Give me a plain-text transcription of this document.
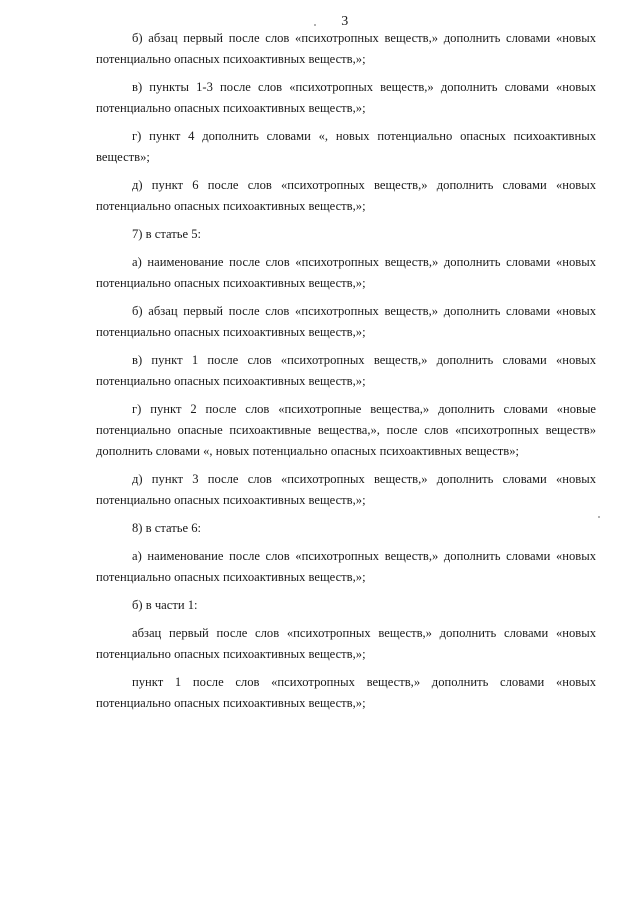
3

б) абзац первый после слов «психотропных веществ,» дополнить словами «новых потенциально опасных психоактивных веществ,»;

в) пункты 1-3 после слов «психотропных веществ,» дополнить словами «новых потенциально опасных психоактивных веществ,»;

г) пункт 4 дополнить словами «, новых потенциально опасных психоактивных веществ»;

д) пункт 6 после слов «психотропных веществ,» дополнить словами «новых потенциально опасных психоактивных веществ,»;

7) в статье 5:

а) наименование после слов «психотропных веществ,» дополнить словами «новых потенциально опасных психоактивных веществ,»;

б) абзац первый после слов «психотропных веществ,» дополнить словами «новых потенциально опасных психоактивных веществ,»;

в) пункт 1 после слов «психотропных веществ,» дополнить словами «новых потенциально опасных психоактивных веществ,»;

г) пункт 2 после слов «психотропные вещества,» дополнить словами «новые потенциально опасные психоактивные вещества,», после слов «психотропных веществ» дополнить словами «, новых потенциально опасных психоактивных веществ»;

д) пункт 3 после слов «психотропных веществ,» дополнить словами «новых потенциально опасных психоактивных веществ,»;

8) в статье 6:

а) наименование после слов «психотропных веществ,» дополнить словами «новых потенциально опасных психоактивных веществ,»;

б) в части 1:

абзац первый после слов «психотропных веществ,» дополнить словами «новых потенциально опасных психоактивных веществ,»;

пункт 1 после слов «психотропных веществ,» дополнить словами «новых потенциально опасных психоактивных веществ,»;
